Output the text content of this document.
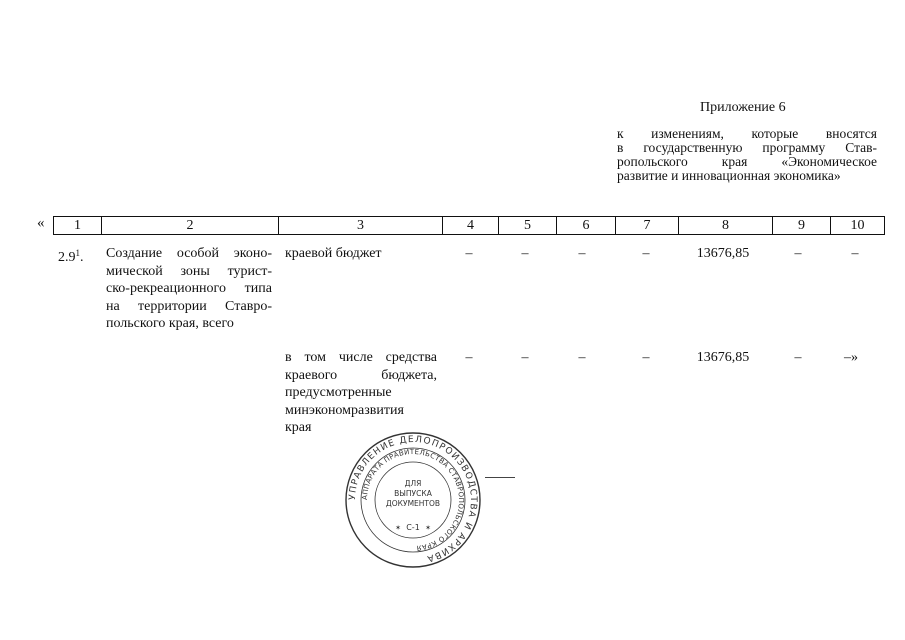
Приложение 6
к изменениям, которые вносятся
в государственную программу Став-
ропольского края «Экономическое
развитие и инновационная экономика»
« 1	2	3	4	5	6	7	8	9	10
$2.9^1$. Создание особой эконо-
мической зоны турист-
ско-рекреационного типа
на территории Ставро-
польского края, всего
краевой бюджет	–	–	–	–	13676,85	–	–
в том числе средства
краевого бюджета,
предусмотренные
минэкономразвития
края
–	–	–	–	13676,85	–	–»
УПРАВЛЕНИЕ ДЕЛОПРОИЗВОДСТВА И АРХИВА
АППАРАТА ПРАВИТЕЛЬСТВА СТАВРОПОЛЬСКОГО КРАЯ
ДЛЯ
ВЫПУСКА
ДОКУМЕНТОВ
С-1
✶	✶
